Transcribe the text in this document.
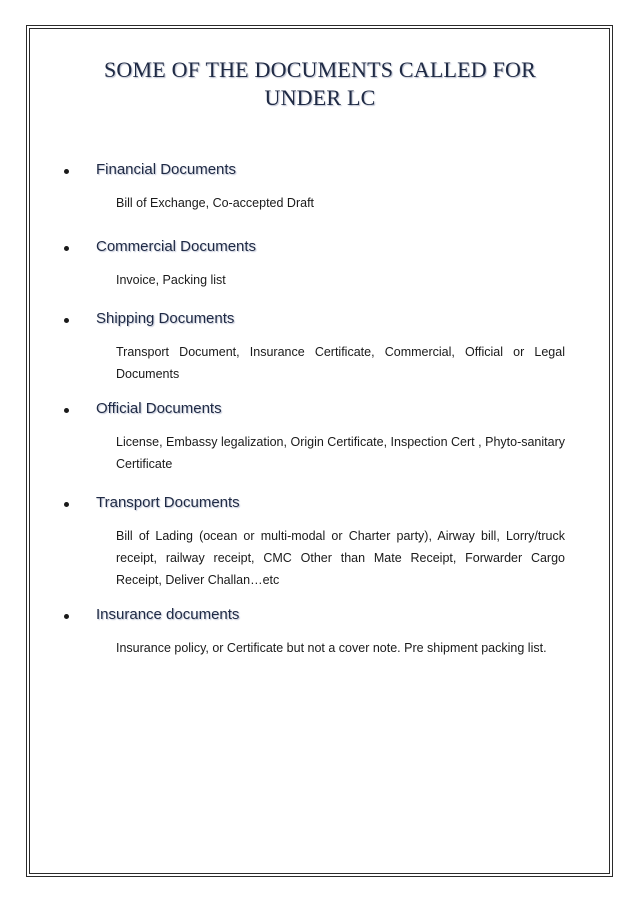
SOME OF THE DOCUMENTS CALLED FOR
UNDER LC
Financial Documents
Bill of Exchange, Co-accepted Draft
Commercial Documents
Invoice, Packing list
Shipping Documents
Transport Document, Insurance Certificate, Commercial, Official or Legal Documents
Official Documents
License, Embassy legalization, Origin Certificate, Inspection Cert , Phyto-sanitary Certificate
Transport Documents
Bill of Lading (ocean or multi-modal or Charter party), Airway bill, Lorry/truck receipt, railway receipt, CMC Other than Mate Receipt, Forwarder Cargo Receipt, Deliver Challan…etc
Insurance documents
Insurance policy, or Certificate but not a cover note. Pre shipment packing list.
